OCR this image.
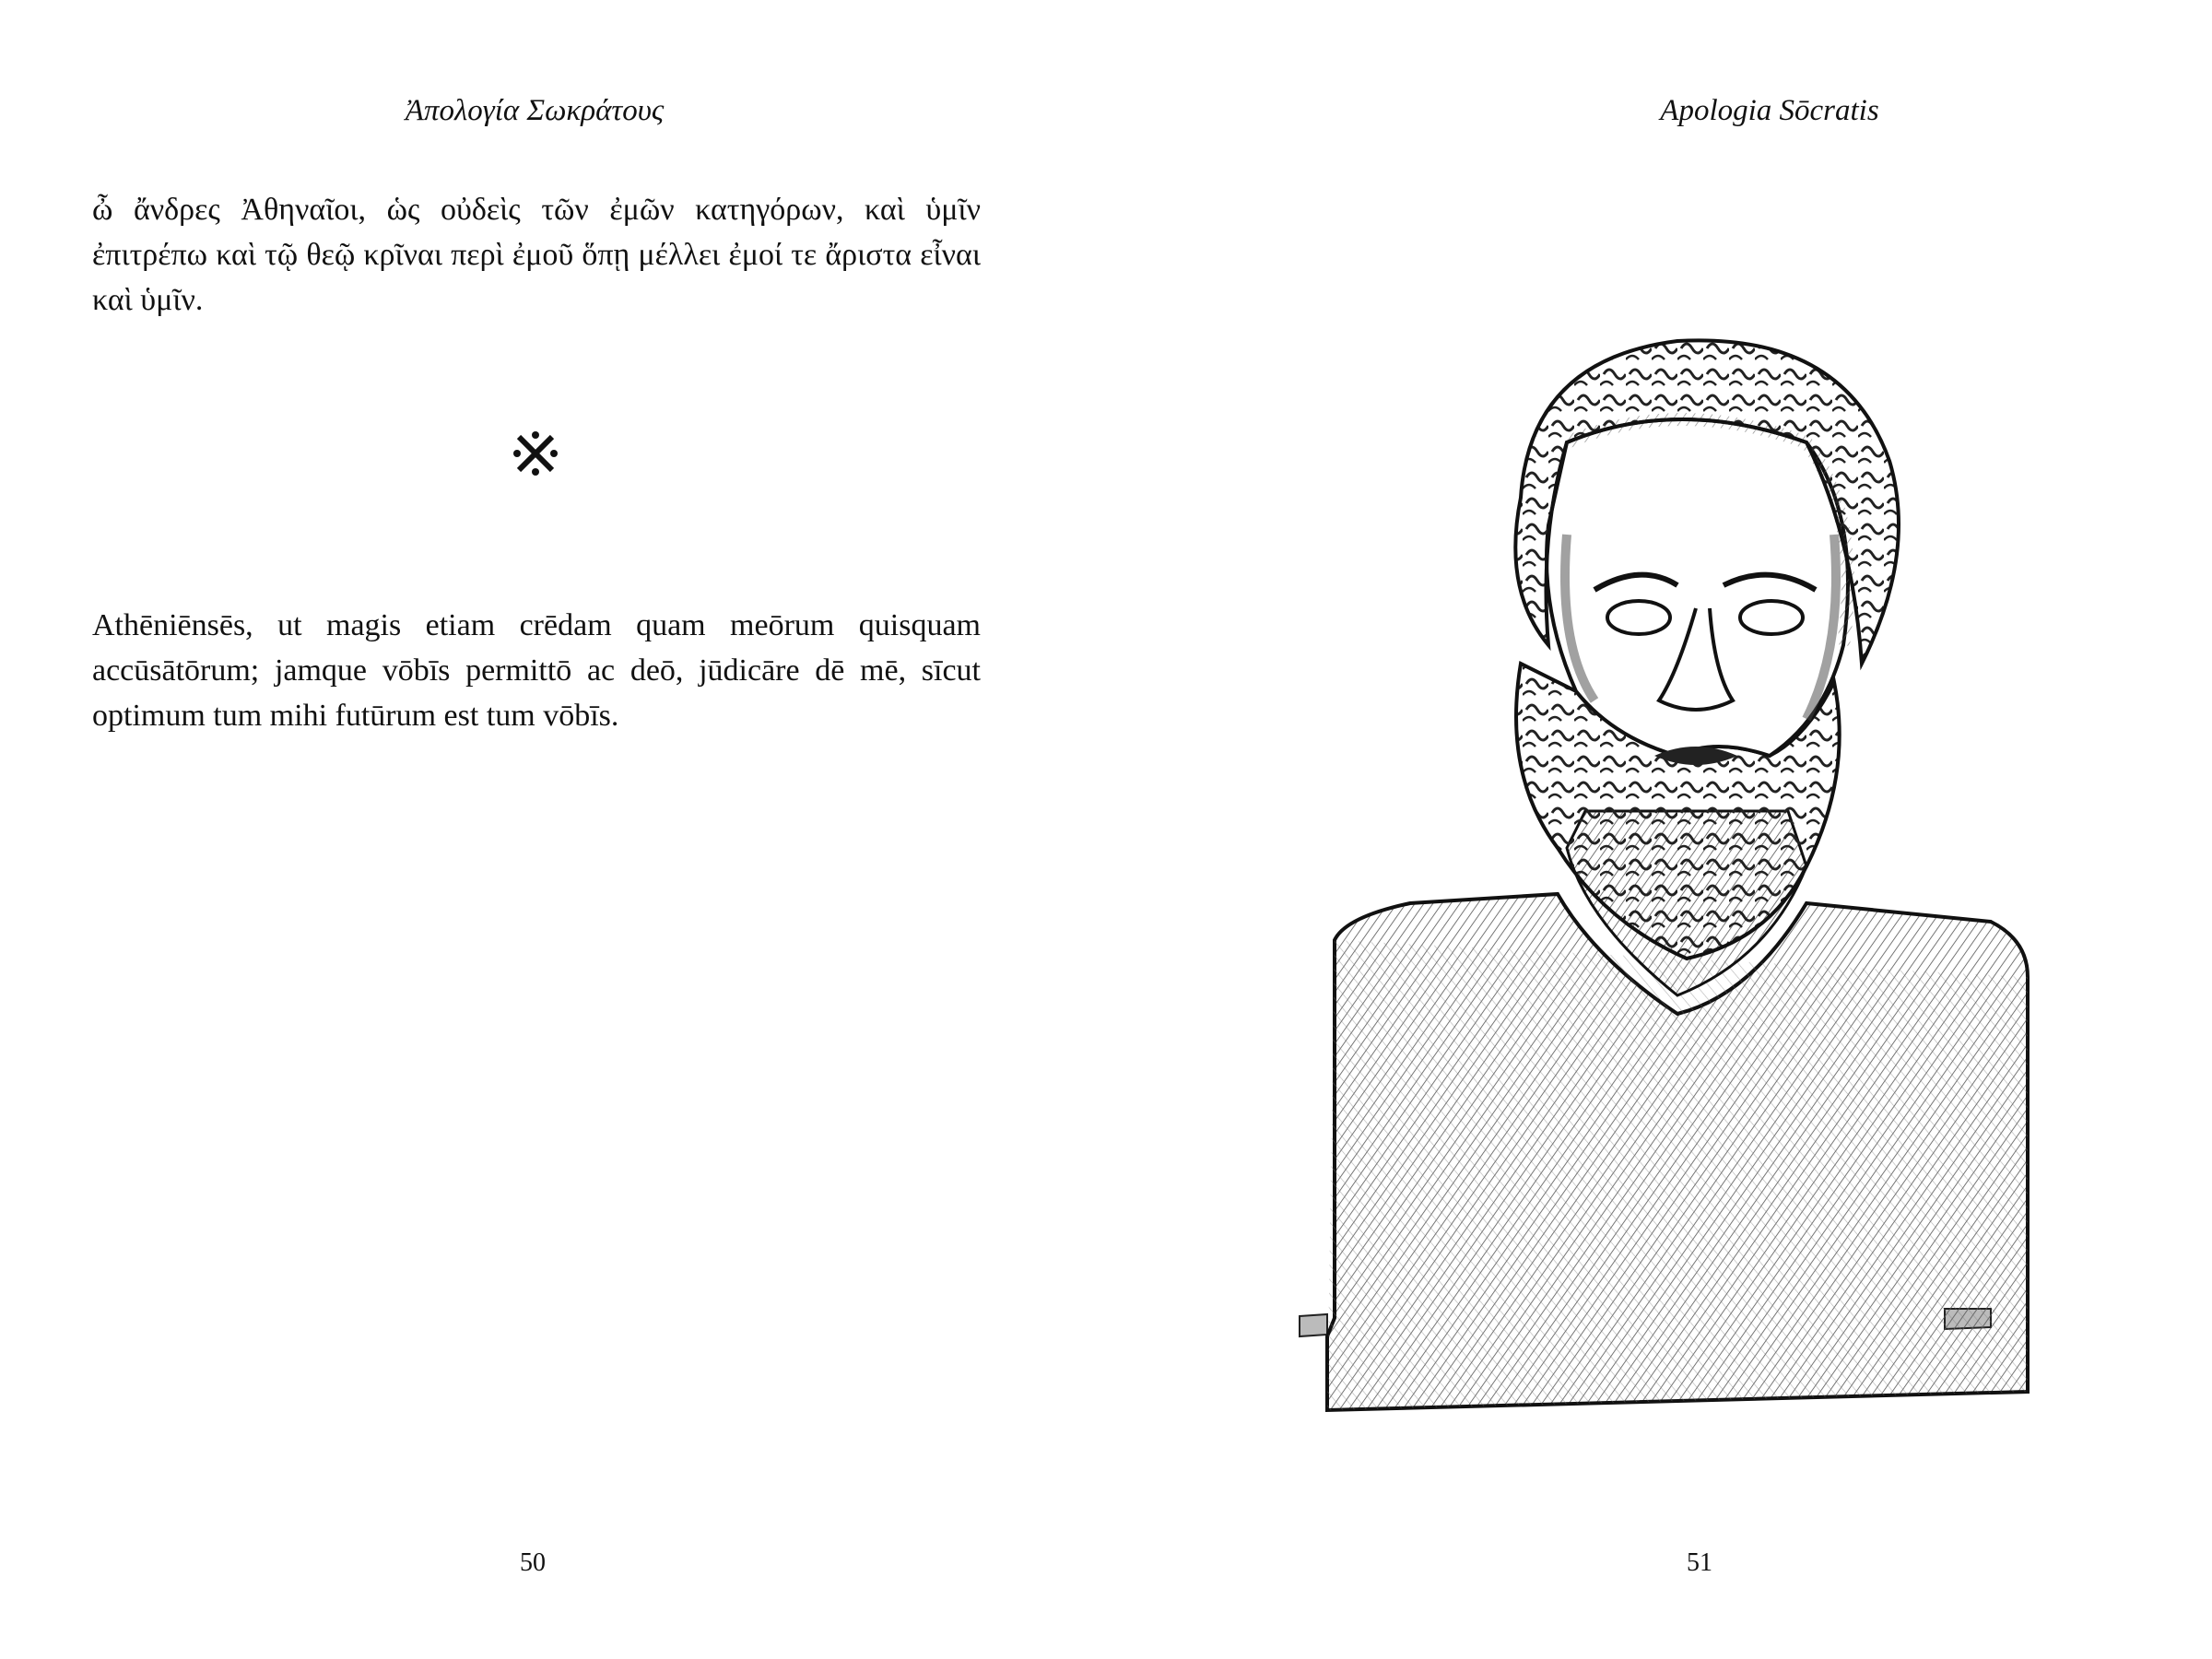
Ἀπολογία Σωκράτους

ὦ ἄνδρες Ἀθηναῖοι, ὡς οὐδεὶς τῶν ἐμῶν κατηγόρων, καὶ ὑμῖν ἐπιτρέπω καὶ τῷ θεῷ κρῖναι περὶ ἐμοῦ ὅπῃ μέλλει ἐμοί τε ἄριστα εἶναι καὶ ὑμῖν.

Athēniēnsēs, ut magis etiam crēdam quam meōrum quisquam accūsātōrum; jamque vōbīs permittō ac deō, jūdicāre dē mē, sīcut optimum tum mihi futūrum est tum vōbīs.

50
Apologia Sōcratis
51
